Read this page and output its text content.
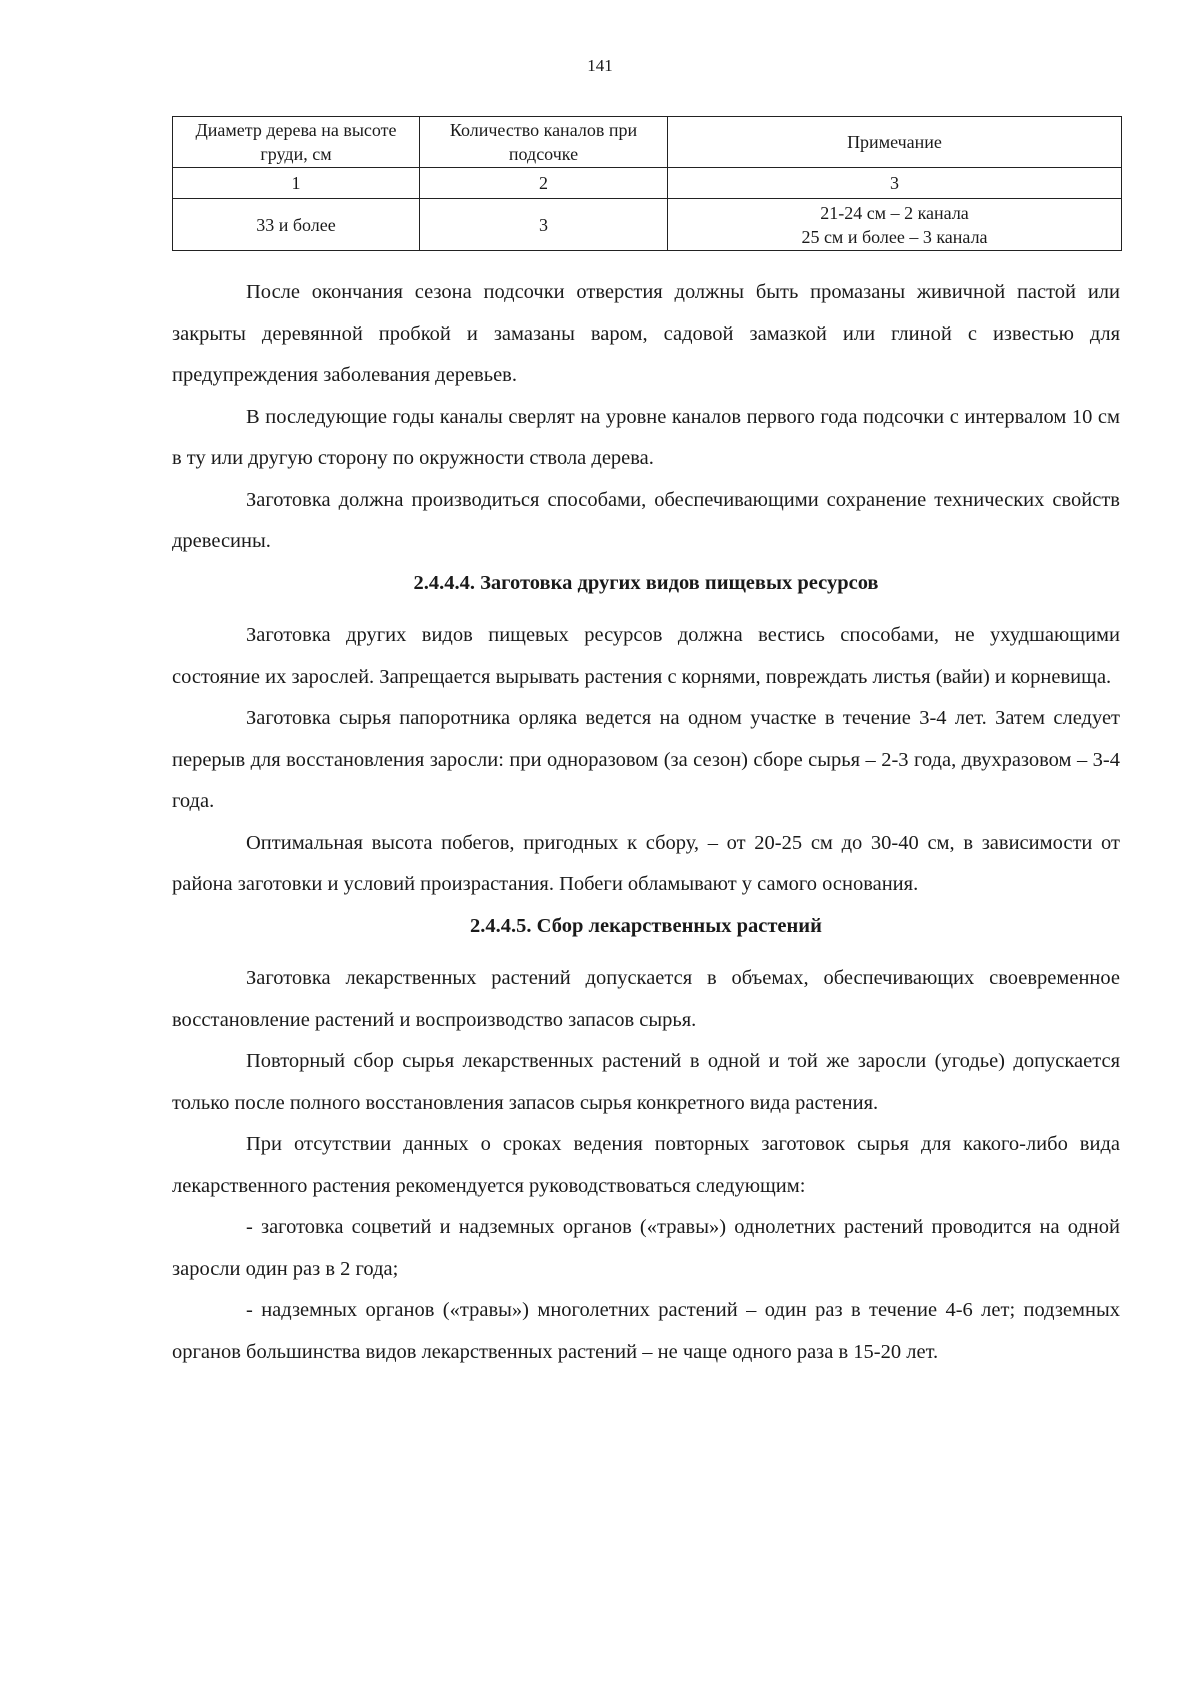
141
Диаметр дерева на высоте груди, см	Количество каналов при подсочке	Примечание
1	2	3
33 и более	3	21-24 см – 2 канала
25 см и более – 3 канала

После окончания сезона подсочки отверстия должны быть промазаны живичной пастой или закрыты деревянной пробкой и замазаны варом, садовой замазкой или глиной с известью для предупреждения заболевания деревьев.

В последующие годы каналы сверлят на уровне каналов первого года подсочки с интервалом 10 см в ту или другую сторону по окружности ствола дерева.

Заготовка должна производиться способами, обеспечивающими сохранение технических свойств древесины.

2.4.4.4. Заготовка других видов пищевых ресурсов

Заготовка других видов пищевых ресурсов должна вестись способами, не ухудшающими состояние их зарослей. Запрещается вырывать растения с корнями, повреждать листья (вайи) и корневища.

Заготовка сырья папоротника орляка ведется на одном участке в течение 3-4 лет. Затем следует перерыв для восстановления заросли: при одноразовом (за сезон) сборе сырья – 2-3 года, двухразовом – 3-4 года.

Оптимальная высота побегов, пригодных к сбору, – от 20-25 см до 30-40 см, в зависимости от района заготовки и условий произрастания. Побеги обламывают у самого основания.

2.4.4.5. Сбор лекарственных растений

Заготовка лекарственных растений допускается в объемах, обеспечивающих своевременное восстановление растений и воспроизводство запасов сырья.

Повторный сбор сырья лекарственных растений в одной и той же заросли (угодье) допускается только после полного восстановления запасов сырья конкретного вида растения.

При отсутствии данных о сроках ведения повторных заготовок сырья для какого-либо вида лекарственного растения рекомендуется руководствоваться следующим:

- заготовка соцветий и надземных органов («травы») однолетних растений проводится на одной заросли один раз в 2 года;

- надземных органов («травы») многолетних растений – один раз в течение 4-6 лет; подземных органов большинства видов лекарственных растений – не чаще одного раза в 15-20 лет.
